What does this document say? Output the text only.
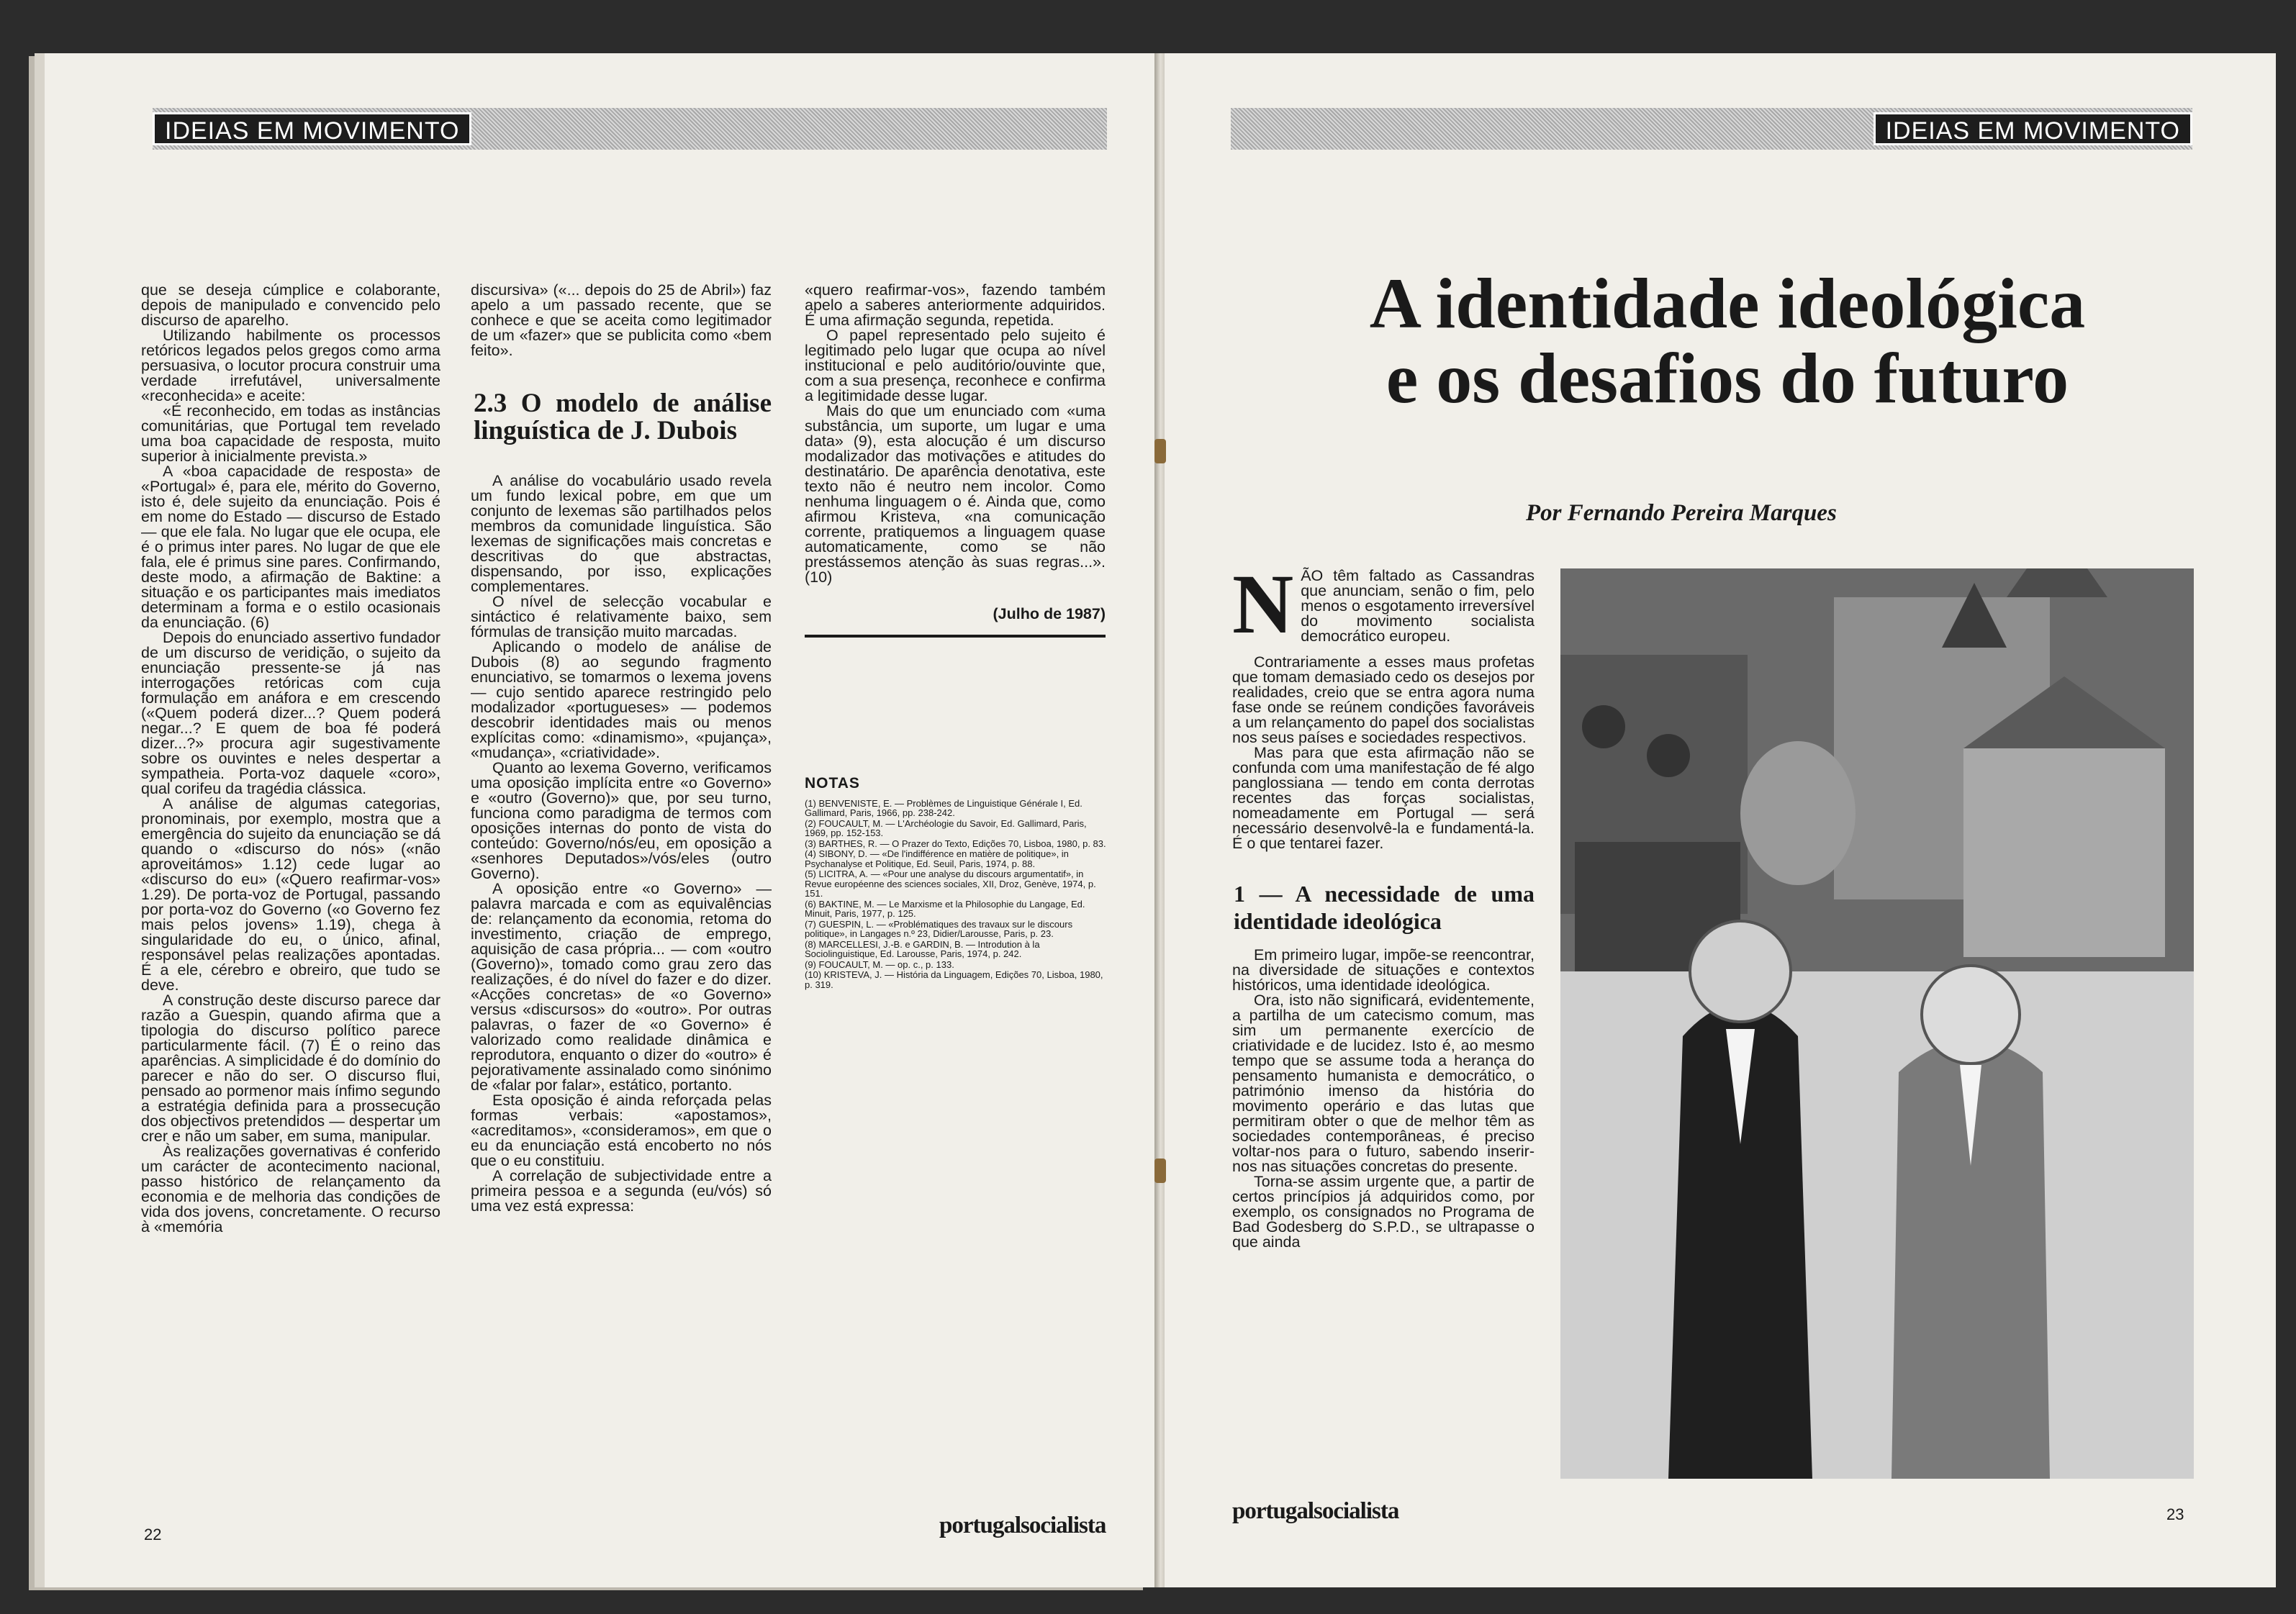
IDEIAS EM MOVIMENTO

que se deseja cúmplice e colaborante, depois de manipulado e convencido pelo discurso de aparelho.

Utilizando habilmente os processos retóricos legados pelos gregos como arma persuasiva, o locutor procura construir uma verdade irrefutável, universalmente «reconhecida» e aceite:

«É reconhecido, em todas as instâncias comunitárias, que Portugal tem revelado uma boa capacidade de resposta, muito superior à inicialmente prevista.»

A «boa capacidade de resposta» de «Portugal» é, para ele, mérito do Governo, isto é, dele sujeito da enunciação. Pois é em nome do Estado — discurso de Estado — que ele fala. No lugar que ele ocupa, ele é o primus inter pares. No lugar de que ele fala, ele é primus sine pares. Confirmando, deste modo, a afirmação de Baktine: a situação e os participantes mais imediatos determinam a forma e o estilo ocasionais da enunciação. (6)

Depois do enunciado assertivo fundador de um discurso de veridição, o sujeito da enunciação pressente-se já nas interrogações retóricas com cuja formulação em anáfora e em crescendo («Quem poderá dizer...? Quem poderá negar...? E quem de boa fé poderá dizer...?» procura agir sugestivamente sobre os ouvintes e neles despertar a sympatheia. Porta-voz daquele «coro», qual corifeu da tragédia clássica.

A análise de algumas categorias, pronominais, por exemplo, mostra que a emergência do sujeito da enunciação se dá quando o «discurso do nós» («não aproveitámos» 1.12) cede lugar ao «discurso do eu» («Quero reafirmar-vos» 1.29). De porta-voz de Portugal, passando por porta-voz do Governo («o Governo fez mais pelos jovens» 1.19), chega à singularidade do eu, o único, afinal, responsável pelas realizações apontadas. É a ele, cérebro e obreiro, que tudo se deve.

A construção deste discurso parece dar razão a Guespin, quando afirma que a tipologia do discurso político parece particularmente fácil. (7) É o reino das aparências. A simplicidade é do domínio do parecer e não do ser. O discurso flui, pensado ao pormenor mais ínfimo segundo a estratégia definida para a prossecução dos objectivos pretendidos — despertar um crer e não um saber, em suma, manipular.

Às realizações governativas é conferido um carácter de acontecimento nacional, passo histórico de relançamento da economia e de melhoria das condições de vida dos jovens, concretamente. O recurso à «memória

discursiva» («... depois do 25 de Abril») faz apelo a um passado recente, que se conhece e que se aceita como legitimador de um «fazer» que se publicita como «bem feito».

2.3 O modelo de análise linguística de J. Dubois

A análise do vocabulário usado revela um fundo lexical pobre, em que um conjunto de lexemas são partilhados pelos membros da comunidade linguística. São lexemas de significações mais concretas e descritivas do que abstractas, dispensando, por isso, explicações complementares.

O nível de selecção vocabular e sintáctico é relativamente baixo, sem fórmulas de transição muito marcadas.

Aplicando o modelo de análise de Dubois (8) ao segundo fragmento enunciativo, se tomarmos o lexema jovens — cujo sentido aparece restringido pelo modalizador «portugueses» — podemos descobrir identidades mais ou menos explícitas como: «dinamismo», «pujança», «mudança», «criatividade».

Quanto ao lexema Governo, verificamos uma oposição implícita entre «o Governo» e «outro (Governo)» que, por seu turno, funciona como paradigma de termos com oposições internas do ponto de vista do conteúdo: Governo/nós/eu, em oposição a «senhores Deputados»/vós/eles (outro Governo).

A oposição entre «o Governo» — palavra marcada e com as equivalências de: relançamento da economia, retoma do investimento, criação de emprego, aquisição de casa própria... — com «outro (Governo)», tomado como grau zero das realizações, é do nível do fazer e do dizer. «Acções concretas» de «o Governo» versus «discursos» do «outro». Por outras palavras, o fazer de «o Governo» é valorizado como realidade dinâmica e reprodutora, enquanto o dizer do «outro» é pejorativamente assinalado como sinónimo de «falar por falar», estático, portanto.

Esta oposição é ainda reforçada pelas formas verbais: «apostamos», «acreditamos», «consideramos», em que o eu da enunciação está encoberto no nós que o eu constituiu.

A correlação de subjectividade entre a primeira pessoa e a segunda (eu/vós) só uma vez está expressa:

«quero reafirmar-vos», fazendo também apelo a saberes anteriormente adquiridos. É uma afirmação segunda, repetida.

O papel representado pelo sujeito é legitimado pelo lugar que ocupa ao nível institucional e pelo auditório/ouvinte que, com a sua presença, reconhece e confirma a legitimidade desse lugar.

Mais do que um enunciado com «uma substância, um suporte, um lugar e uma data» (9), esta alocução é um discurso modalizador das motivações e atitudes do destinatário. De aparência denotativa, este texto não é neutro nem incolor. Como nenhuma linguagem o é. Ainda que, como afirmou Kristeva, «na comunicação corrente, pratiquemos a linguagem quase automaticamente, como se não prestássemos atenção às suas regras...». (10)

(Julho de 1987)
NOTAS
(1) BENVENISTE, E. — Problèmes de Linguistique Générale I, Ed. Gallimard, Paris, 1966, pp. 238-242.
(2) FOUCAULT, M. — L'Archéologie du Savoir, Ed. Gallimard, Paris, 1969, pp. 152-153.
(3) BARTHES, R. — O Prazer do Texto, Edições 70, Lisboa, 1980, p. 83.
(4) SIBONY, D. — «De l'indifférence en matière de politique», in Psychanalyse et Politique, Ed. Seuil, Paris, 1974, p. 88.
(5) LICITRA, A. — «Pour une analyse du discours argumentatif», in Revue européenne des sciences sociales, XII, Droz, Genève, 1974, p. 151.
(6) BAKTINE, M. — Le Marxisme et la Philosophie du Langage, Ed. Minuit, Paris, 1977, p. 125.
(7) GUESPIN, L. — «Problématiques des travaux sur le discours politique», in Langages n.º 23, Didier/Larousse, Paris, p. 23.
(8) MARCELLESI, J.-B. e GARDIN, B. — Introdution à la Sociolinguistique, Ed. Larousse, Paris, 1974, p. 242.
(9) FOUCAULT, M. — op. c., p. 133.
(10) KRISTEVA, J. — História da Linguagem, Edições 70, Lisboa, 1980, p. 319.
22	portugalsocialista
IDEIAS EM MOVIMENTO
A identidade ideológica
e os desafios do futuro
Por Fernando Pereira Marques

NÃO têm faltado as Cassandras que anunciam, senão o fim, pelo menos o esgotamento irreversível do movimento socialista democrático europeu.

Contrariamente a esses maus profetas que tomam demasiado cedo os desejos por realidades, creio que se entra agora numa fase onde se reúnem condições favoráveis a um relançamento do papel dos socialistas nos seus países e sociedades respectivos.

Mas para que esta afirmação não se confunda com uma manifestação de fé algo panglossiana — tendo em conta derrotas recentes das forças socialistas, nomeadamente em Portugal — será necessário desenvolvê-la e fundamentá-la. É o que tentarei fazer.

1 — A necessidade de uma identidade ideológica

Em primeiro lugar, impõe-se reencontrar, na diversidade de situações e contextos históricos, uma identidade ideológica.

Ora, isto não significará, evidentemente, a partilha de um catecismo comum, mas sim um permanente exercício de criatividade e de lucidez. Isto é, ao mesmo tempo que se assume toda a herança do pensamento humanista e democrático, o património imenso da história do movimento operário e das lutas que permitiram obter o que de melhor têm as sociedades contemporâneas, é preciso voltar-nos para o futuro, sabendo inserir-nos nas situações concretas do presente.

Torna-se assim urgente que, a partir de certos princípios já adquiridos como, por exemplo, os consignados no Programa de Bad Godesberg do S.P.D., se ultrapasse o que ainda

23
portugalsocialista
